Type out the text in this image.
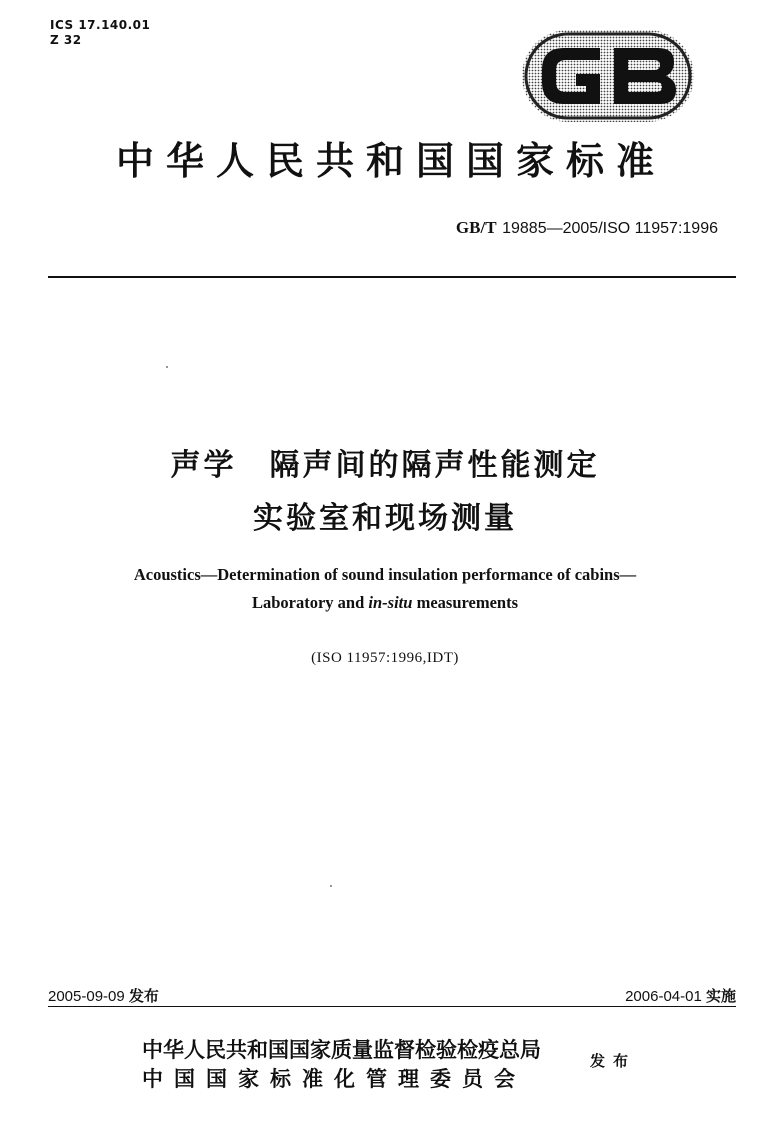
ICS 17.140.01
Z 32
GB
中华人民共和国国家标准
GB/T 19885—2005/ISO 11957:1996
声学　隔声间的隔声性能测定
实验室和现场测量
Acoustics—Determination of sound insulation performance of cabins—
Laboratory and in-situ measurements
(ISO 11957:1996,IDT)
2005-09-09 发布	2006-04-01 实施
中华人民共和国国家质量监督检验检疫总局
中国国家标准化管理委员会
发布
